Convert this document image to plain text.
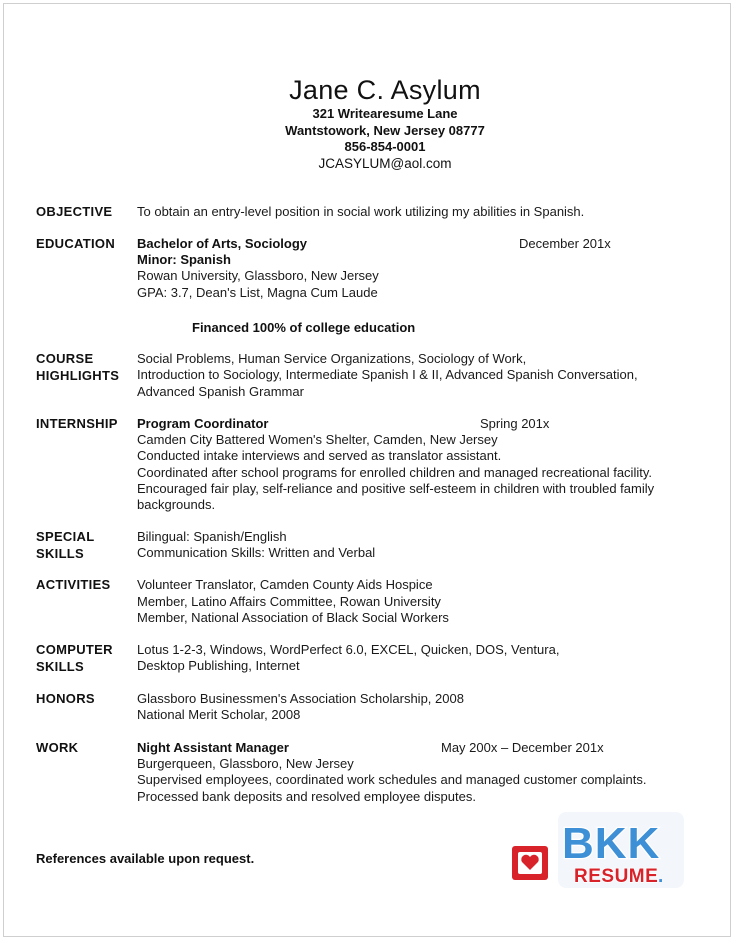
Jane C. Asylum
321 Writearesume Lane
Wantstowork, New Jersey 08777
856-854-0001
JCASYLUM@aol.com
OBJECTIVE To obtain an entry-level position in social work utilizing my abilities in Spanish.
EDUCATION Bachelor of Arts, Sociology	December 201x
Minor: Spanish
Rowan University, Glassboro, New Jersey
GPA: 3.7, Dean's List, Magna Cum Laude
Financed 100% of college education
COURSE
HIGHLIGHTS
Social Problems, Human Service Organizations, Sociology of Work,
Introduction to Sociology, Intermediate Spanish I & II, Advanced Spanish Conversation,
Advanced Spanish Grammar
INTERNSHIP Program Coordinator	Spring 201x
Camden City Battered Women's Shelter, Camden, New Jersey
Conducted intake interviews and served as translator assistant.
Coordinated after school programs for enrolled children and managed recreational facility.
Encouraged fair play, self-reliance and positive self-esteem in children with troubled family
backgrounds.
SPECIAL
SKILLS
Bilingual: Spanish/English
Communication Skills: Written and Verbal
ACTIVITIES Volunteer Translator, Camden County Aids Hospice
Member, Latino Affairs Committee, Rowan University
Member, National Association of Black Social Workers
COMPUTER
SKILLS
Lotus 1-2-3, Windows, WordPerfect 6.0, EXCEL, Quicken, DOS, Ventura,
Desktop Publishing, Internet
HONORS	Glassboro Businessmen's Association Scholarship, 2008
National Merit Scholar, 2008
WORK	Night Assistant Manager	May 200x – December 201x
Burgerqueen, Glassboro, New Jersey
Supervised employees, coordinated work schedules and managed customer complaints.
Processed bank deposits and resolved employee disputes.
References available upon request.	BKK
RESUME .
